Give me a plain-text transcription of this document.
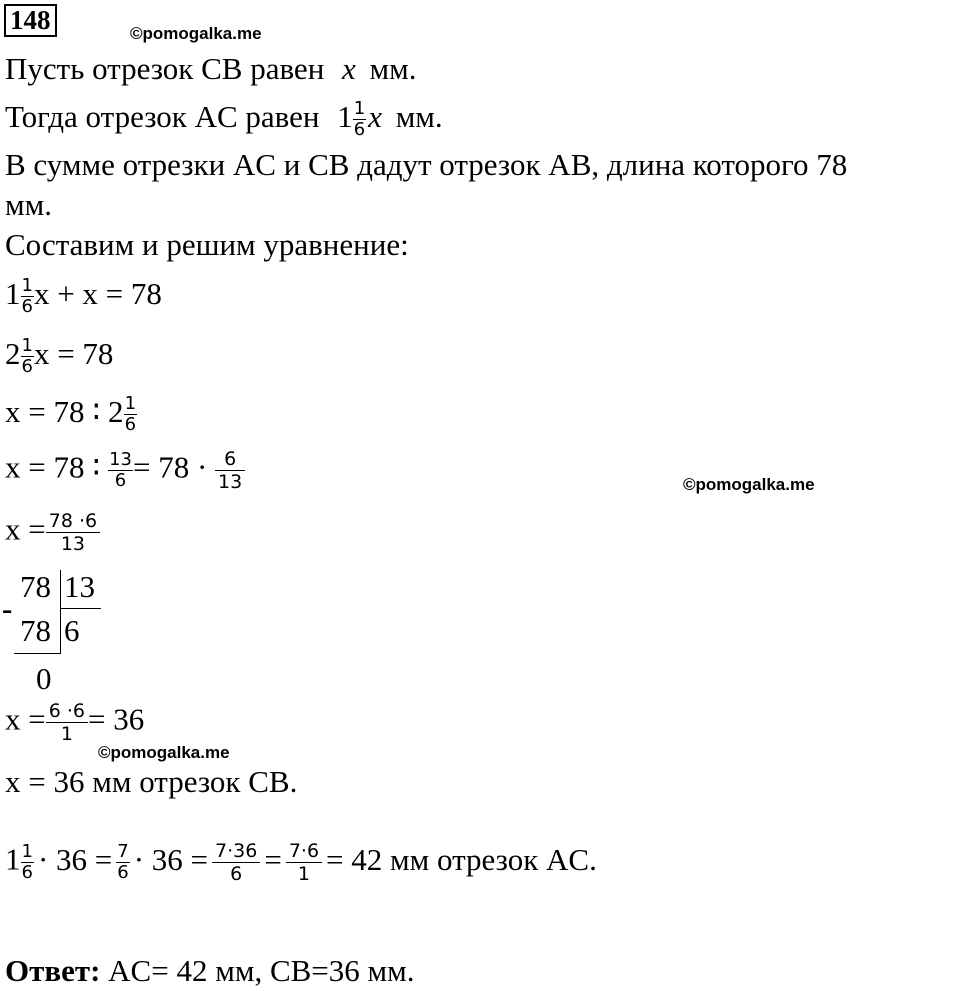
148	©pomogalka.me
Пусть отрезок CB равен x мм.
Тогда отрезок AC равен $1 \frac{1}{6}$ x мм.
В сумме отрезки AC и CB дадут отрезок AB, длина которого 78
мм.
Составим и решим уравнение:
$1 \frac{1}{6}$ x + x = 78
$2 \frac{1}{6}$ x = 78
x = 78 ∶ $2 \frac{1}{6}$
x = 78 ∶ $\frac{13}{6} = 78 \cdot \frac{6}{13}$	©pomogalka.me
$x = \frac{78 \cdot 6}{13}$
78 13
-
78 6
0
$x = \frac{6 \cdot 6}{1} = 36$
©pomogalka.me
x = 36 мм отрезок CB.
$1 \frac{1}{6} \cdot 36 = \frac{7}{6} \cdot 36 = \frac{7\cdot 36}{6} = \frac{7\cdot 6}{1} = 42$ мм отрезок AC.
Ответ: AC= 42 мм, CB=36 мм.
